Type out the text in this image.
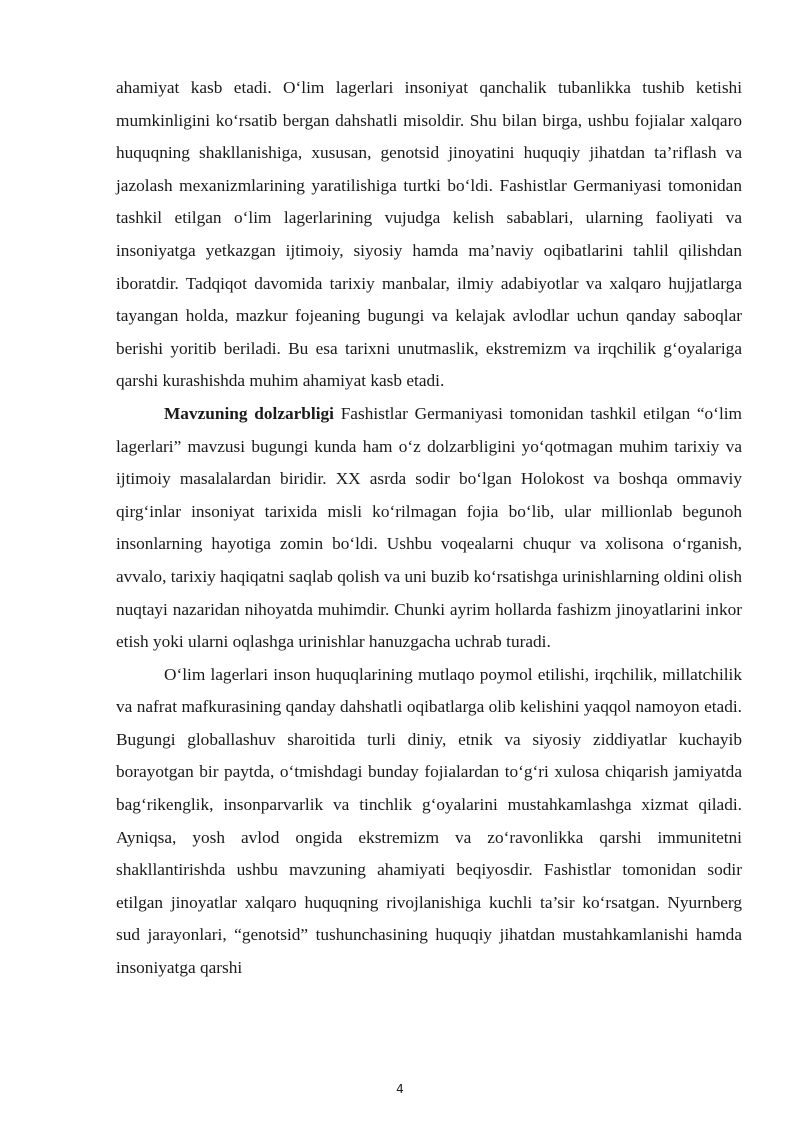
ahamiyat kasb etadi. O‘lim lagerlari insoniyat qanchalik tubanlikka tushib ketishi mumkinligini ko‘rsatib bergan dahshatli misoldir. Shu bilan birga, ushbu fojialar xalqaro huquqning shakllanishiga, xususan, genotsid jinoyatini huquqiy jihatdan ta’riflash va jazolash mexanizmlarining yaratilishiga turtki bo‘ldi. Fashistlar Germaniyasi tomonidan tashkil etilgan o‘lim lagerlarining vujudga kelish sabablari, ularning faoliyati va insoniyatga yetkazgan ijtimoiy, siyosiy hamda ma’naviy oqibatlarini tahlil qilishdan iboratdir. Tadqiqot davomida tarixiy manbalar, ilmiy adabiyotlar va xalqaro hujjatlarga tayangan holda, mazkur fojeaning bugungi va kelajak avlodlar uchun qanday saboqlar berishi yoritib beriladi. Bu esa tarixni unutmaslik, ekstremizm va irqchilik g‘oyalariga qarshi kurashishda muhim ahamiyat kasb etadi.

Mavzuning dolzarbligi Fashistlar Germaniyasi tomonidan tashkil etilgan “o‘lim lagerlari” mavzusi bugungi kunda ham o‘z dolzarbligini yo‘qotmagan muhim tarixiy va ijtimoiy masalalardan biridir. XX asrda sodir bo‘lgan Holokost va boshqa ommaviy qirg‘inlar insoniyat tarixida misli ko‘rilmagan fojia bo‘lib, ular millionlab begunoh insonlarning hayotiga zomin bo‘ldi. Ushbu voqealarni chuqur va xolisona o‘rganish, avvalo, tarixiy haqiqatni saqlab qolish va uni buzib ko‘rsatishga urinishlarning oldini olish nuqtayi nazaridan nihoyatda muhimdir. Chunki ayrim hollarda fashizm jinoyatlarini inkor etish yoki ularni oqlashga urinishlar hanuzgacha uchrab turadi.

O‘lim lagerlari inson huquqlarining mutlaqo poymol etilishi, irqchilik, millatchilik va nafrat mafkurasining qanday dahshatli oqibatlarga olib kelishini yaqqol namoyon etadi. Bugungi globallashuv sharoitida turli diniy, etnik va siyosiy ziddiyatlar kuchayib borayotgan bir paytda, o‘tmishdagi bunday fojialardan to‘g‘ri xulosa chiqarish jamiyatda bag‘rikenglik, insonparvarlik va tinchlik g‘oyalarini mustahkamlashga xizmat qiladi. Ayniqsa, yosh avlod ongida ekstremizm va zo‘ravonlikka qarshi immunitetni shakllantirishda ushbu mavzuning ahamiyati beqiyosdir. Fashistlar tomonidan sodir etilgan jinoyatlar xalqaro huquqning rivojlanishiga kuchli ta’sir ko‘rsatgan. Nyurnberg sud jarayonlari, “genotsid” tushunchasining huquqiy jihatdan mustahkamlanishi hamda insoniyatga qarshi

4
